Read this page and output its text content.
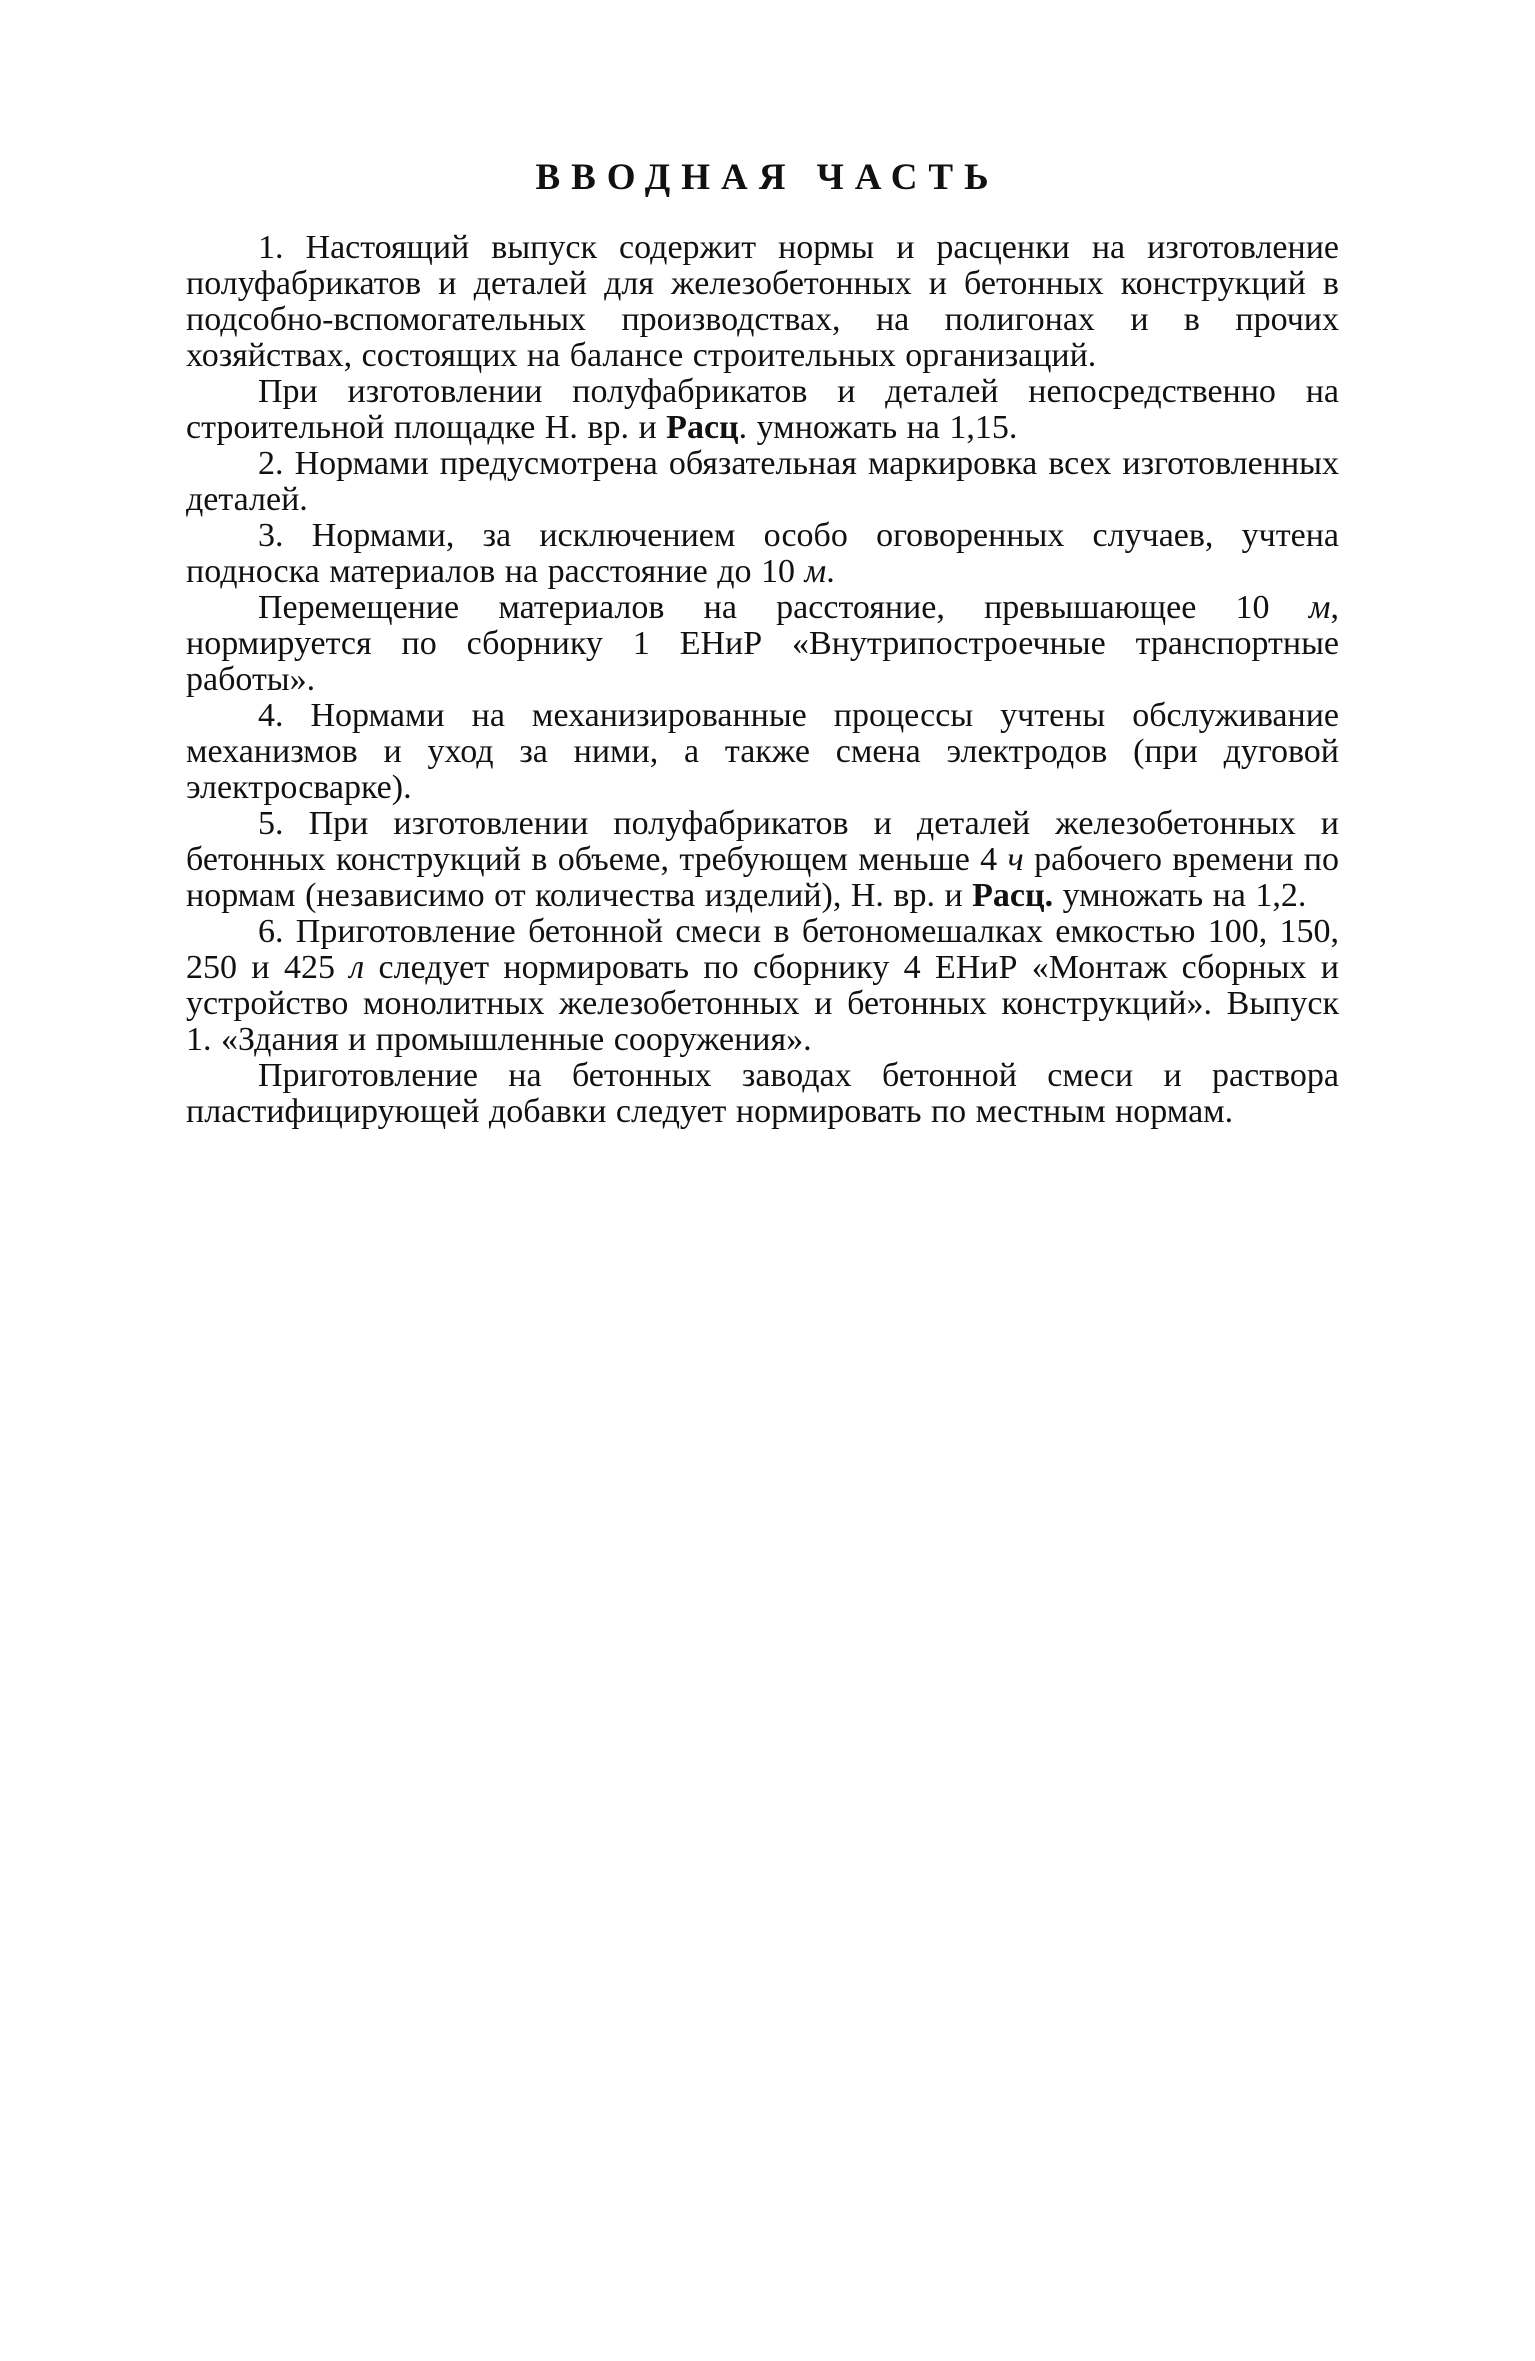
ВВОДНАЯ ЧАСТЬ

1. Настоящий выпуск содержит нормы и расценки на изготовление полуфабрикатов и деталей для железобетонных и бетонных конструкций в подсобно-вспомогательных производствах, на полигонах и в прочих хозяйствах, состоящих на балансе строительных организаций.

При изготовлении полуфабрикатов и деталей непосредственно на строительной площадке Н. вр. и Расц. умножать на 1,15.

2. Нормами предусмотрена обязательная маркировка всех изготовленных деталей.

3. Нормами, за исключением особо оговоренных случаев, учтена подноска материалов на расстояние до 10 м.

Перемещение материалов на расстояние, превышающее 10 м, нормируется по сборнику 1 ЕНиР «Внутрипостроечные транспортные работы».

4. Нормами на механизированные процессы учтены обслуживание механизмов и уход за ними, а также смена электродов (при дуговой электросварке).

5. При изготовлении полуфабрикатов и деталей железобетонных и бетонных конструкций в объеме, требующем меньше 4 ч рабочего времени по нормам (независимо от количества изделий), Н. вр. и Расц. умножать на 1,2.

6. Приготовление бетонной смеси в бетономешалках емкостью 100, 150, 250 и 425 л следует нормировать по сборнику 4 ЕНиР «Монтаж сборных и устройство монолитных железобетонных и бетонных конструкций». Выпуск 1. «Здания и промышленные сооружения».

Приготовление на бетонных заводах бетонной смеси и раствора пластифицирующей добавки следует нормировать по местным нормам.
